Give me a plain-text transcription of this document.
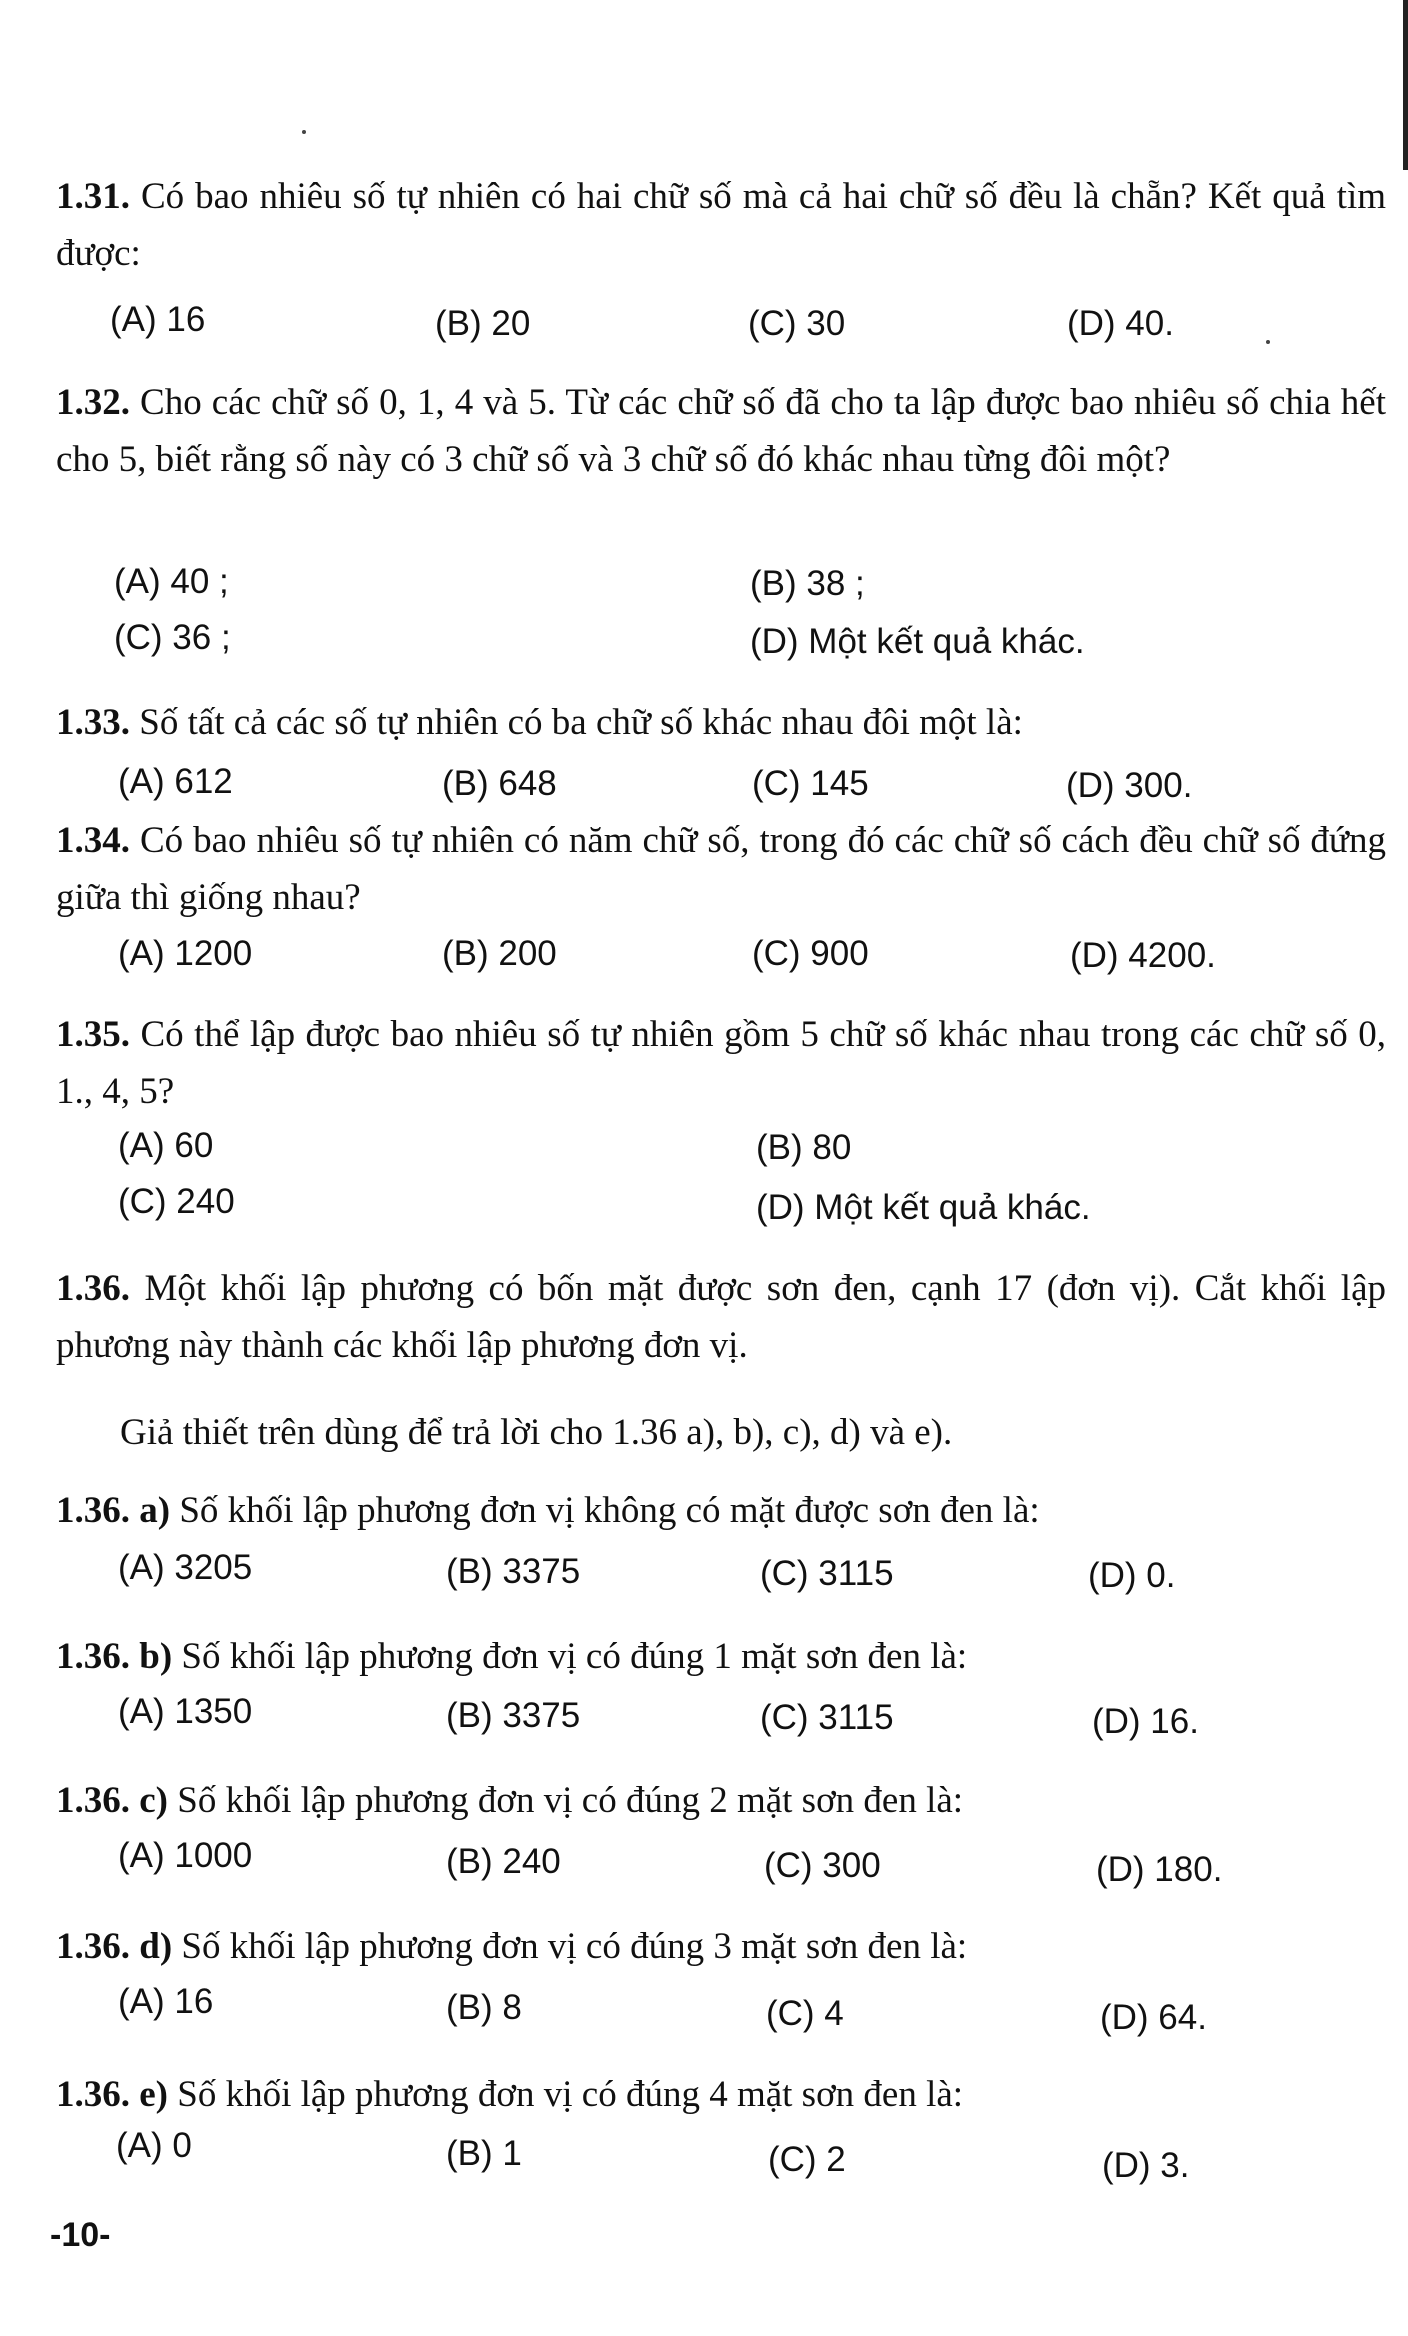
1.31. Có bao nhiêu số tự nhiên có hai chữ số mà cả hai chữ số đều là chẵn? Kết quả tìm được:
(A) 16	(B) 20	(C) 30	(D) 40.
1.32. Cho các chữ số 0, 1, 4 và 5. Từ các chữ số đã cho ta lập được bao nhiêu số chia hết cho 5, biết rằng số này có 3 chữ số và 3 chữ số đó khác nhau từng đôi một?
(A) 40 ;	(B) 38 ;
(C) 36 ;	(D) Một kết quả khác.
1.33. Số tất cả các số tự nhiên có ba chữ số khác nhau đôi một là:
(A) 612	(B) 648	(C) 145	(D) 300.
1.34. Có bao nhiêu số tự nhiên có năm chữ số, trong đó các chữ số cách đều chữ số đứng giữa thì giống nhau?
(A) 1200	(B) 200	(C) 900	(D) 4200.
1.35. Có thể lập được bao nhiêu số tự nhiên gồm 5 chữ số khác nhau trong các chữ số 0, 1., 4, 5?
(A) 60	(B) 80
(C) 240	(D) Một kết quả khác.
1.36. Một khối lập phương có bốn mặt được sơn đen, cạnh 17 (đơn vị). Cắt khối lập phương này thành các khối lập phương đơn vị.
Giả thiết trên dùng để trả lời cho 1.36 a), b), c), d) và e).
1.36. a) Số khối lập phương đơn vị không có mặt được sơn đen là:
(A) 3205	(B) 3375	(C) 3115	(D) 0.
1.36. b) Số khối lập phương đơn vị có đúng 1 mặt sơn đen là:
(A) 1350	(B) 3375	(C) 3115	(D) 16.
1.36. c) Số khối lập phương đơn vị có đúng 2 mặt sơn đen là:
(A) 1000	(B) 240	(C) 300	(D) 180.
1.36. d) Số khối lập phương đơn vị có đúng 3 mặt sơn đen là:
(A) 16	(B) 8	(C) 4	(D) 64.
1.36. e) Số khối lập phương đơn vị có đúng 4 mặt sơn đen là:
(A) 0	(B) 1	(C) 2	(D) 3.
-10-
